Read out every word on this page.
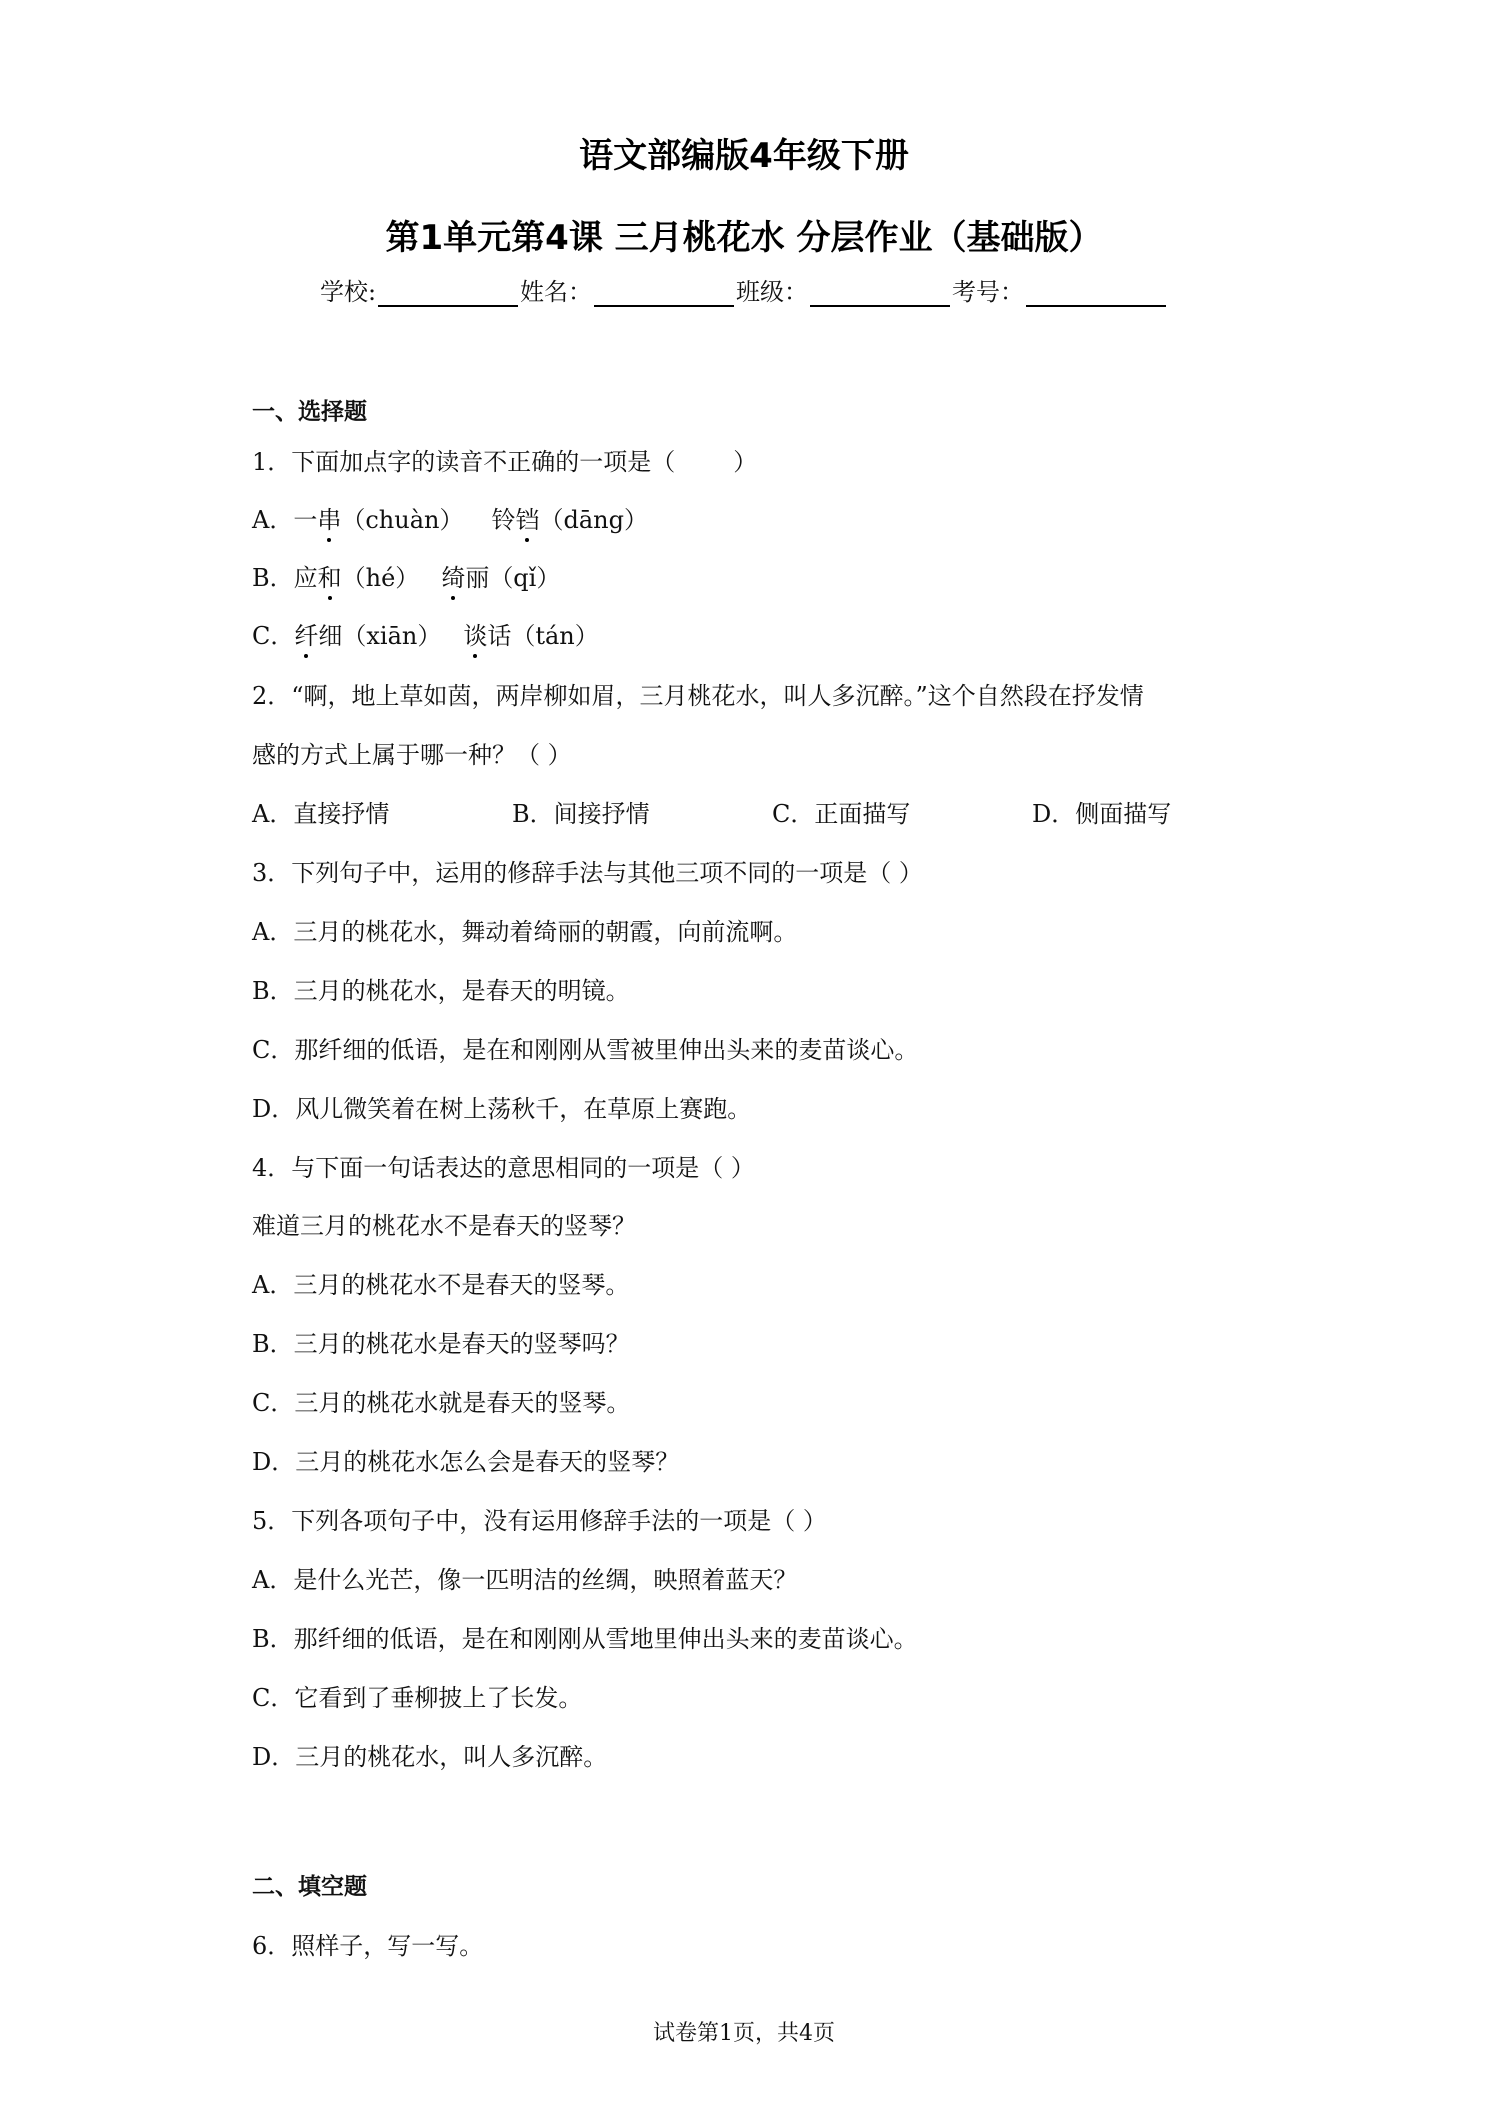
语文部编版4年级下册
第1单元第4课 三月桃花水 分层作业（基础版）
学校:	姓名：	班级：	考号：
一、选择题
1．下面加点字的读音不正确的一项是（ ）
A．一串（chuàn） 铃铛（dāng）
B．应和（hé） 绮丽（qǐ）
C．纤细（xiān） 谈话（tán）
2．“啊，地上草如茵，两岸柳如眉，三月桃花水，叫人多沉醉。”这个自然段在抒发情
感的方式上属于哪一种？（ ）
A．直接抒情	B．间接抒情	C．正面描写	D．侧面描写
3．下列句子中，运用的修辞手法与其他三项不同的一项是（ ）
A．三月的桃花水，舞动着绮丽的朝霞，向前流啊。
B．三月的桃花水，是春天的明镜。
C．那纤细的低语，是在和刚刚从雪被里伸出头来的麦苗谈心。
D．风儿微笑着在树上荡秋千，在草原上赛跑。
4．与下面一句话表达的意思相同的一项是（ ）
难道三月的桃花水不是春天的竖琴？
A．三月的桃花水不是春天的竖琴。
B．三月的桃花水是春天的竖琴吗？
C．三月的桃花水就是春天的竖琴。
D．三月的桃花水怎么会是春天的竖琴？
5．下列各项句子中，没有运用修辞手法的一项是（ ）
A．是什么光芒，像一匹明洁的丝绸，映照着蓝天？
B．那纤细的低语，是在和刚刚从雪地里伸出头来的麦苗谈心。
C．它看到了垂柳披上了长发。
D．三月的桃花水，叫人多沉醉。
二、填空题
6．照样子，写一写。
试卷第1页，共4页
